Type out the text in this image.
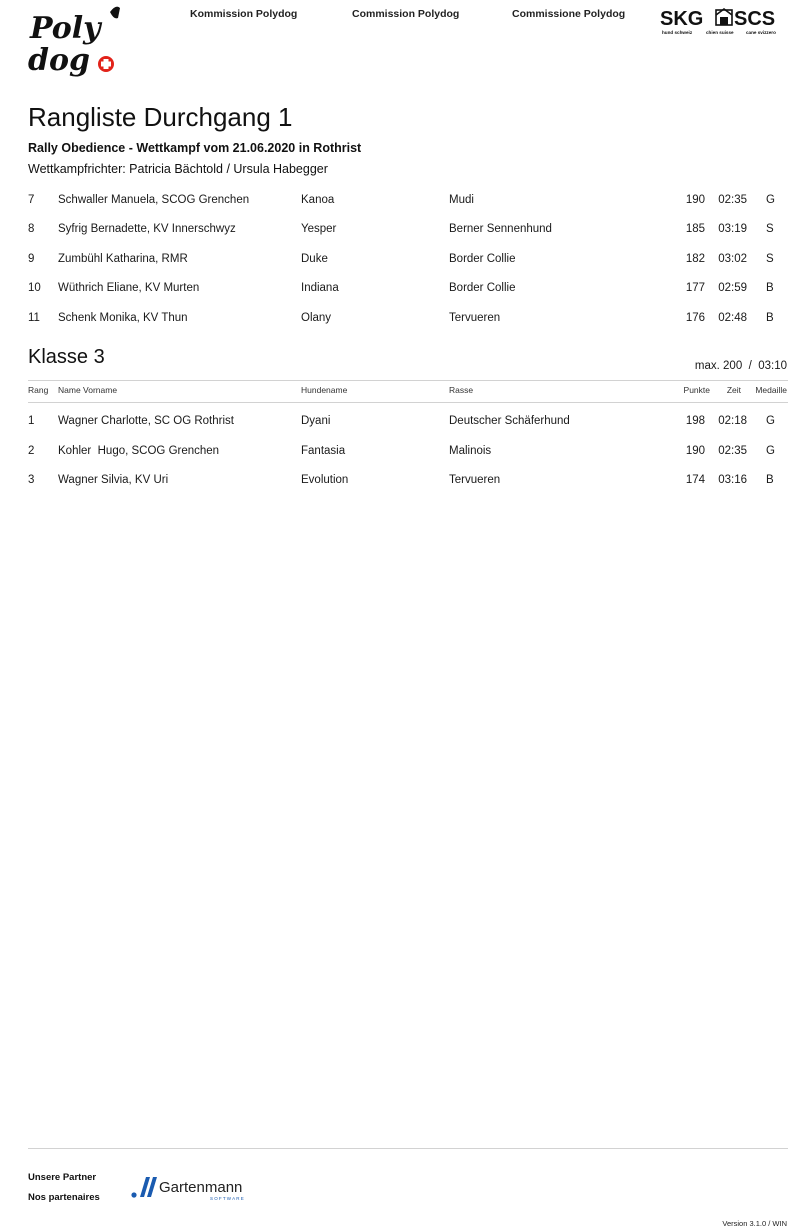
Poly
dog
Kommission Polydog	Commission Polydog	Commissione Polydog SKG SCS
hund schweiz	chien suisse	cane svizzero
Rangliste Durchgang 1
Rally Obedience - Wettkampf vom 21.06.2020 in Rothrist
Wettkampfrichter: Patricia Bächtold / Ursula Habegger
7 Schwaller Manuela, SCOG Grenchen	Kanoa	Mudi	190 02:35 G
8 Syfrig Bernadette, KV Innerschwyz	Yesper	Berner Sennenhund	185 03:19 S
9 Zumbühl Katharina, RMR	Duke	Border Collie	182 03:02 S
10 Wüthrich Eliane, KV Murten	Indiana	Border Collie	177 02:59 B
11 Schenk Monika, KV Thun	Olany	Tervueren	176 02:48 B
Klasse 3	max. 200 / 03:10
Rang Name Vorname	Hundename	Rasse	Punkte Zeit Medaille
1 Wagner Charlotte, SC OG Rothrist	Dyani	Deutscher Schäferhund	198 02:18 G
2 Kohler  Hugo, SCOG Grenchen	Fantasia	Malinois	190 02:35 G
3 Wagner Silvia, KV Uri	Evolution	Tervueren	174 03:16 B
Unsere Partner
Nos partenaires
Gartenmann
SOFTWARE
Version 3.1.0 / WIN
